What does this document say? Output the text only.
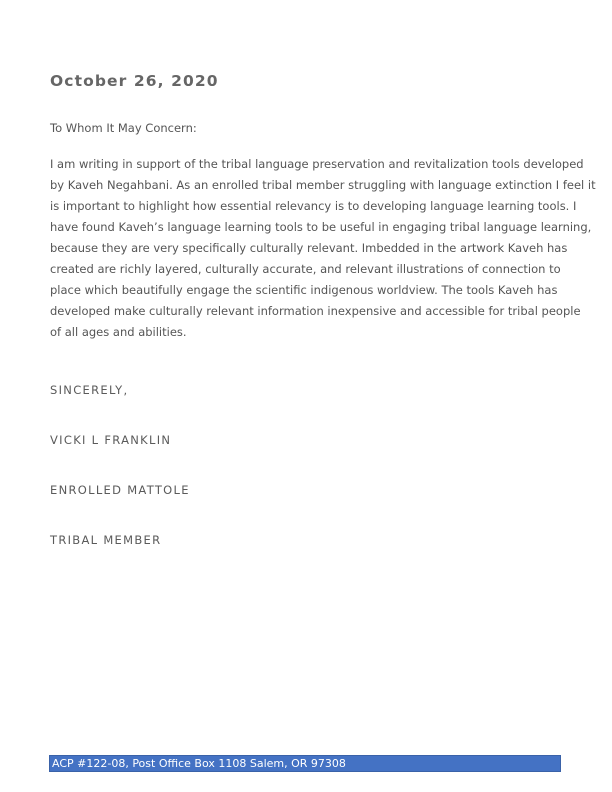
October 26, 2020
To Whom It May Concern:
I am writing in support of the tribal language preservation and revitalization tools developed
by Kaveh Negahbani. As an enrolled tribal member struggling with language extinction I feel it
is important to highlight how essential relevancy is to developing language learning tools. I
have found Kaveh’s language learning tools to be useful in engaging tribal language learning,
because they are very specifically culturally relevant. Imbedded in the artwork Kaveh has
created are richly layered, culturally accurate, and relevant illustrations of connection to
place which beautifully engage the scientific indigenous worldview. The tools Kaveh has
developed make culturally relevant information inexpensive and accessible for tribal people
of all ages and abilities.
SINCERELY,
VICKI L FRANKLIN
ENROLLED MATTOLE
TRIBAL MEMBER
ACP #122-08, Post Office Box 1108 Salem, OR 97308
